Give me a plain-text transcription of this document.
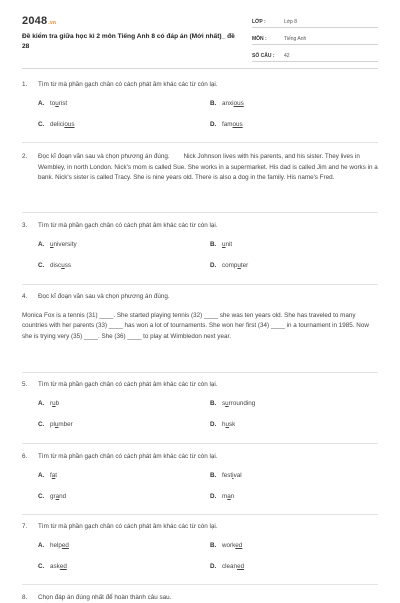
2048.vn
Đề kiểm tra giữa học kì 2 môn Tiếng Anh 8 có đáp án (Mới nhất)_ đề 28
LỚP :	Lớp 8
MÔN :	Tiếng Anh
SỐ CÂU :	42
1.	Tìm từ mà phần gạch chân có cách phát âm khác các từ còn lại.
A. tourist	B. anxious
C. delicious	D. famous
2.	Đọc kĩ đoạn văn sau và chọn phương án đúng.        Nick Johnson lives with his parents, and his sister. They lives in Wembley, in north London. Nick's mom is called Sue. She works in a supermarket. His dad is called Jim and he works in a bank. Nick's sister is called Tracy. She is nine years old. There is also a dog in the family. His name's Fred.
3.	Tìm từ mà phần gạch chân có cách phát âm khác các từ còn lại.
A. university	B. unit
C. discuss	D. computer
4.	Đọc kĩ đoạn văn sau và chọn phương án đúng.
Monica Fox is a tennis (31) ____. She started playing tennis (32) ____ she was ten years old. She has traveled to many countries with her parents (33) ____ has won a lot of tournaments. She won her first (34) ____ in a tournament in 1985. Now she is trying very (35) ____. She (36) ____ to play at Wimbledon next year.
5.	Tìm từ mà phần gạch chân có cách phát âm khác các từ còn lại.
A. rub	B. surrounding
C. plumber	D. husk
6.	Tìm từ mà phần gạch chân có cách phát âm khác các từ còn lại.
A. fat	B. festival
C. grand	D. man
7.	Tìm từ mà phần gạch chân có cách phát âm khác các từ còn lại.
A. helped	B. worked
C. asked	D. cleaned
8.	Chọn đáp án đúng nhất để hoàn thành câu sau.
